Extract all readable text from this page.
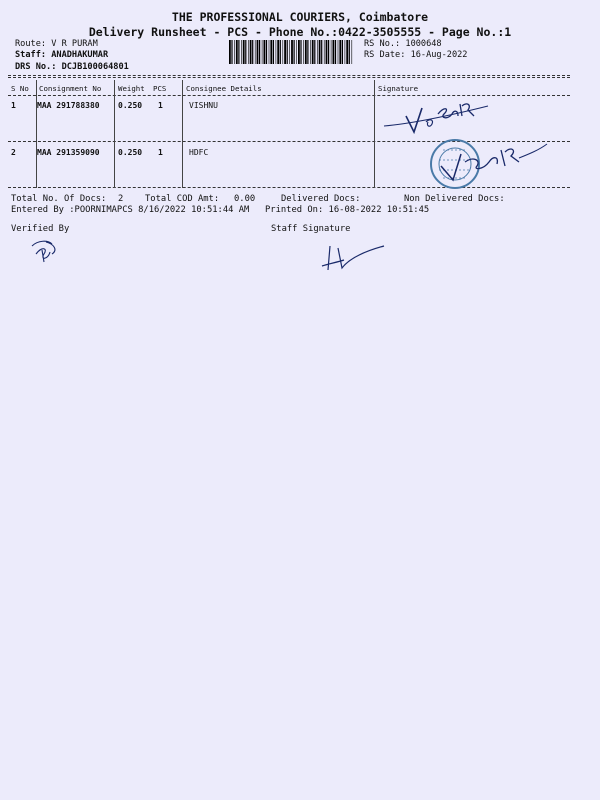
THE PROFESSIONAL COURIERS, Coimbatore
Delivery Runsheet - PCS - Phone No.:0422-3505555 - Page No.:1
Route: V R PURAM
Staff: ANADHAKUMAR
DRS No.: DCJB100064801
RS No.: 1000648
RS Date: 16-Aug-2022
S No Consignment No Weight PCS	Consignee Details	Signature
1	MAA 291788380 0.250 1	VISHNU
2	MAA 291359090 0.250 1	HDFC
Total No. Of Docs: 2 Total COD Amt: 0.00	Delivered Docs:	Non Delivered Docs:
Entered By :POORNIMAPCS 8/16/2022 10:51:44 AM Printed On: 16-08-2022 10:51:45
Verified By	Staff Signature
